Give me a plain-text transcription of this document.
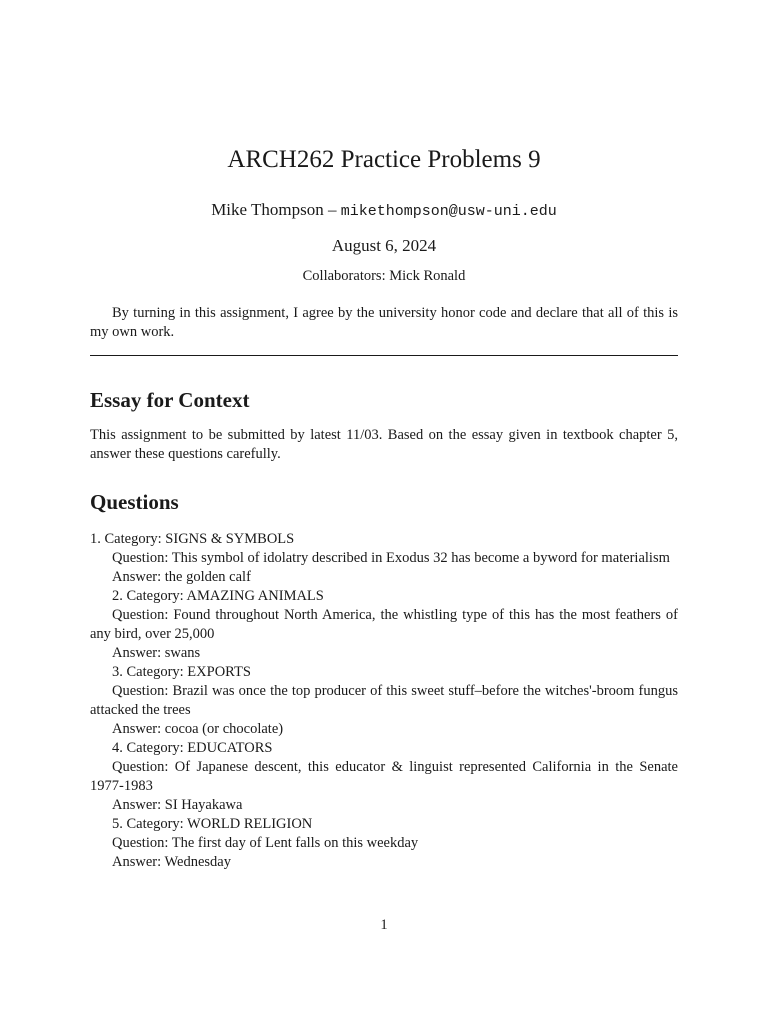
ARCH262 Practice Problems 9
Mike Thompson – mikethompson@usw-uni.edu
August 6, 2024
Collaborators: Mick Ronald
By turning in this assignment, I agree by the university honor code and declare that all of this is my own work.
Essay for Context
This assignment to be submitted by latest 11/03. Based on the essay given in textbook chapter 5, answer these questions carefully.
Questions

1. Category: SIGNS & SYMBOLS

Question: This symbol of idolatry described in Exodus 32 has become a byword for materialism

Answer: the golden calf

2. Category: AMAZING ANIMALS

Question: Found throughout North America, the whistling type of this has the most feathers of any bird, over 25,000

Answer: swans

3. Category: EXPORTS

Question: Brazil was once the top producer of this sweet stuff–before the witches'-broom fungus attacked the trees

Answer: cocoa (or chocolate)

4. Category: EDUCATORS

Question: Of Japanese descent, this educator & linguist represented California in the Senate 1977-1983

Answer: SI Hayakawa

5. Category: WORLD RELIGION

Question: The first day of Lent falls on this weekday

Answer: Wednesday

1
